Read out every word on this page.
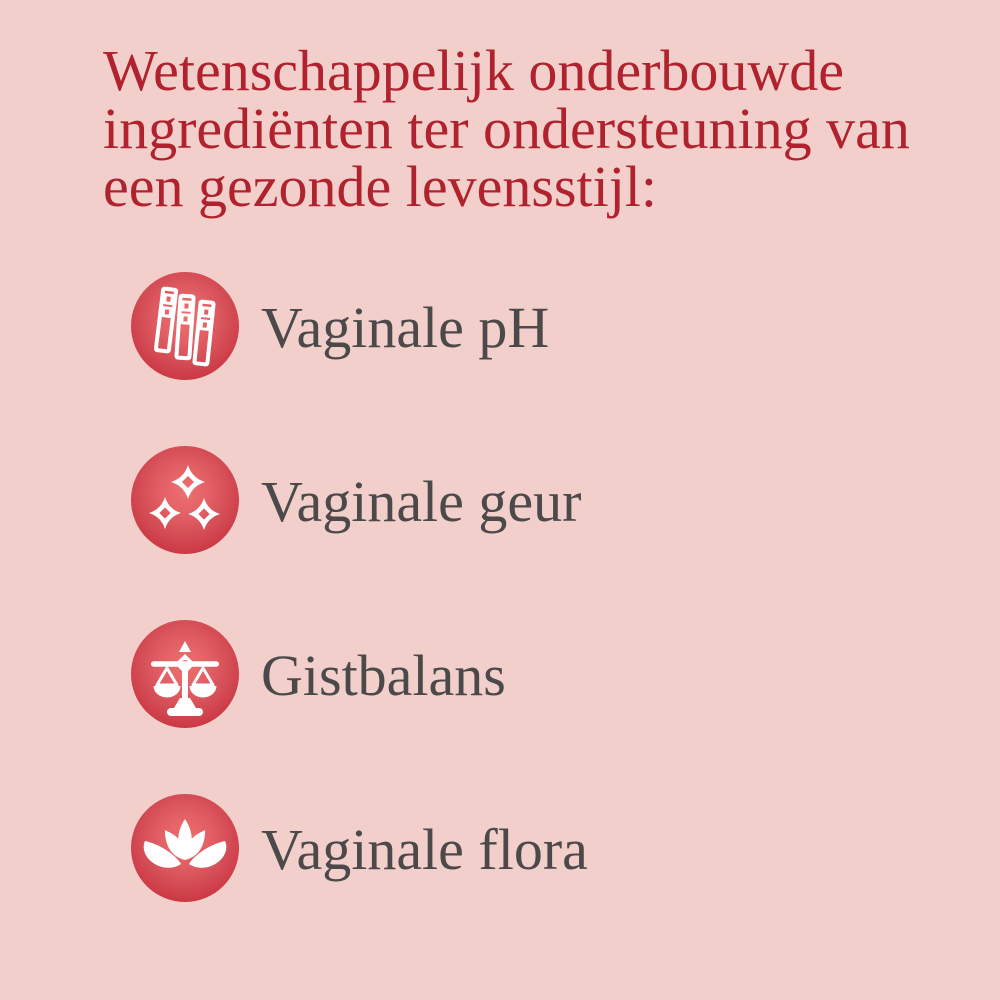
Wetenschappelijk onderbouwde ingrediënten ter ondersteuning van een gezonde levensstijl:
Vaginale pH
Vaginale geur
Gistbalans
Vaginale flora
